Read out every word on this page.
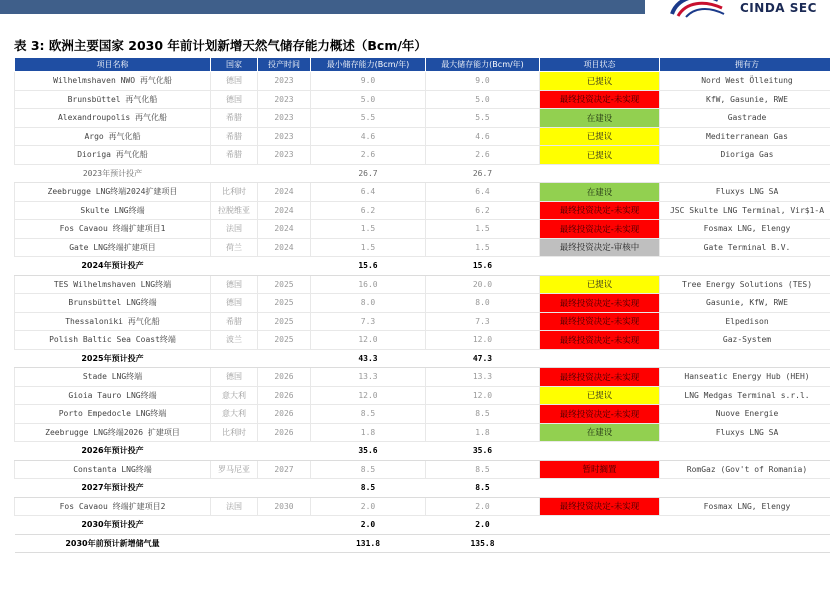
CINDA SEC
表 3: 欧洲主要国家 2030 年前计划新增天然气储存能力概述（Bcm/年）
项目名称	国家	投产时间	最小储存能力(Bcm/年)	最大储存能力(Bcm/年)	项目状态	拥有方
Wilhelmshaven NWO 再气化船	德国	2023	9.0	9.0	已提议	Nord West Ölleitung
Brunsbüttel 再气化船	德国	2023	5.0	5.0	最终投资决定-未实现	KfW, Gasunie, RWE
Alexandroupolis 再气化船	希腊	2023	5.5	5.5	在建设	Gastrade
Argo 再气化船	希腊	2023	4.6	4.6	已提议	Mediterranean Gas
Dioriga 再气化船	希腊	2023	2.6	2.6	已提议	Dioriga Gas
2023年预计投产			26.7	26.7		
Zeebrugge LNG终端2024扩建项目	比利时	2024	6.4	6.4	在建设	Fluxys LNG SA
Skulte LNG终端	拉脱维亚	2024	6.2	6.2	最终投资决定-未实现	JSC Skulte LNG Terminal, Vir$1-A
Fos Cavaou 终端扩建项目1	法国	2024	1.5	1.5	最终投资决定-未实现	Fosmax LNG, Elengy
Gate LNG终端扩建项目	荷兰	2024	1.5	1.5	最终投资决定-审核中	Gate Terminal B.V.
2024年预计投产			15.6	15.6		
TES Wilhelmshaven LNG终端	德国	2025	16.0	20.0	已提议	Tree Energy Solutions (TES)
Brunsbüttel LNG终端	德国	2025	8.0	8.0	最终投资决定-未实现	Gasunie, KfW, RWE
Thessaloniki 再气化船	希腊	2025	7.3	7.3	最终投资决定-未实现	Elpedison
Polish Baltic Sea Coast终端	波兰	2025	12.0	12.0	最终投资决定-未实现	Gaz-System
2025年预计投产			43.3	47.3		
Stade LNG终端	德国	2026	13.3	13.3	最终投资决定-未实现	Hanseatic Energy Hub (HEH)
Gioia Tauro LNG终端	意大利	2026	12.0	12.0	已提议	LNG Medgas Terminal s.r.l.
Porto Empedocle LNG终端	意大利	2026	8.5	8.5	最终投资决定-未实现	Nuove Energie
Zeebrugge LNG终端2026 扩建项目	比利时	2026	1.8	1.8	在建设	Fluxys LNG SA
2026年预计投产			35.6	35.6		
Constanta LNG终端	罗马尼亚	2027	8.5	8.5	暂时搁置	RomGaz (Gov't of Romania)
2027年预计投产			8.5	8.5		
Fos Cavaou 终端扩建项目2	法国	2030	2.0	2.0	最终投资决定-未实现	Fosmax LNG, Elengy
2030年预计投产			2.0	2.0		
2030年前预计新增储气量			131.8	135.8		
